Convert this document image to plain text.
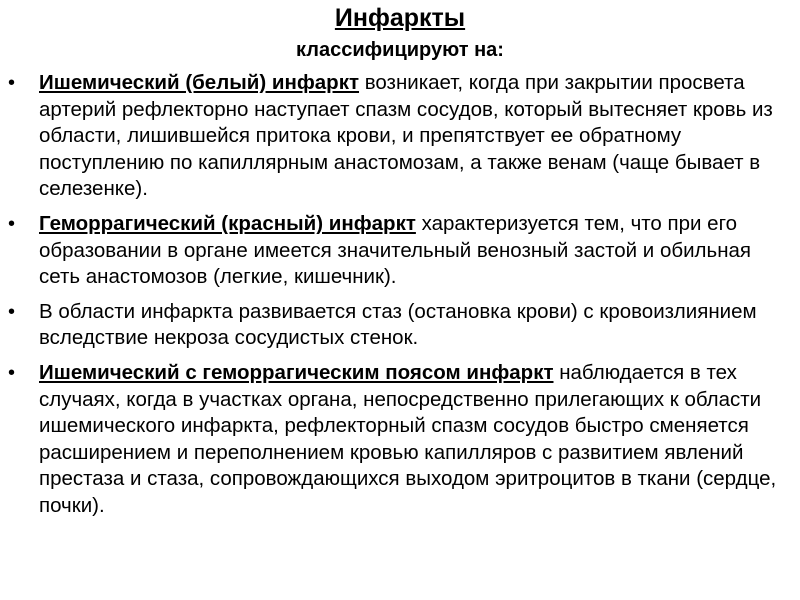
Инфаркты

классифицируют на:

• Ишемический (белый) инфаркт возникает, когда при закрытии просвета артерий рефлекторно наступает спазм сосудов, который вытесняет кровь из области, лишившейся притока крови, и препятствует ее обратному поступлению по капиллярным анастомозам, а также венам (чаще бывает в селезенке).
• Геморрагический (красный) инфаркт характеризуется тем, что при его образовании в органе имеется значительный венозный застой и обильная сеть анастомозов (легкие, кишечник).
• В области инфаркта развивается стаз (остановка крови) с кровоизлиянием вследствие некроза сосудистых стенок.
• Ишемический с геморрагическим поясом инфаркт наблюдается в тех случаях, когда в участках органа, непосредственно прилегающих к области ишемического инфаркта, рефлекторный спазм сосудов быстро сменяется расширением и переполнением кровью капилляров с развитием явлений престаза и стаза, сопровождающихся выходом эритроцитов в ткани (сердце, почки).
